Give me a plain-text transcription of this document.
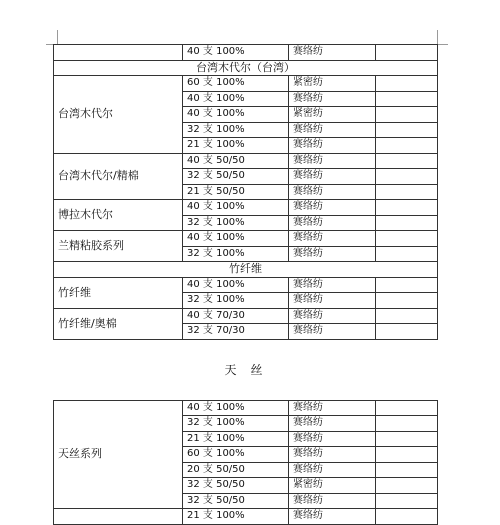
	40 支 100%	赛络纺	
台湾木代尔（台湾）			
台湾木代尔	60 支 100%	紧密纺	
	40 支 100%	赛络纺	
	40 支 100%	紧密纺	
	32 支 100%	赛络纺	
	21 支 100%	赛络纺	
台湾木代尔/精棉	40 支 50/50	赛络纺	
	32 支 50/50	赛络纺	
	21 支 50/50	赛络纺	
博拉木代尔	40 支 100%	赛络纺	
	32 支 100%	赛络纺	
兰精粘胶系列	40 支 100%	赛络纺	
	32 支 100%	赛络纺	
竹纤维			
竹纤维	40 支 100%	赛络纺	
	32 支 100%	赛络纺	
竹纤维/奥棉	40 支 70/30	赛络纺	
	32 支 70/30	赛络纺	

天丝			

天丝系列	40 支 100%	赛络纺	
	32 支 100%	赛络纺	
	21 支 100%	赛络纺	
	60 支 100%	赛络纺	
	20 支 50/50	赛络纺	
	32 支 50/50	紧密纺	
	32 支 50/50	赛络纺	
	21 支 100%	赛络纺	
